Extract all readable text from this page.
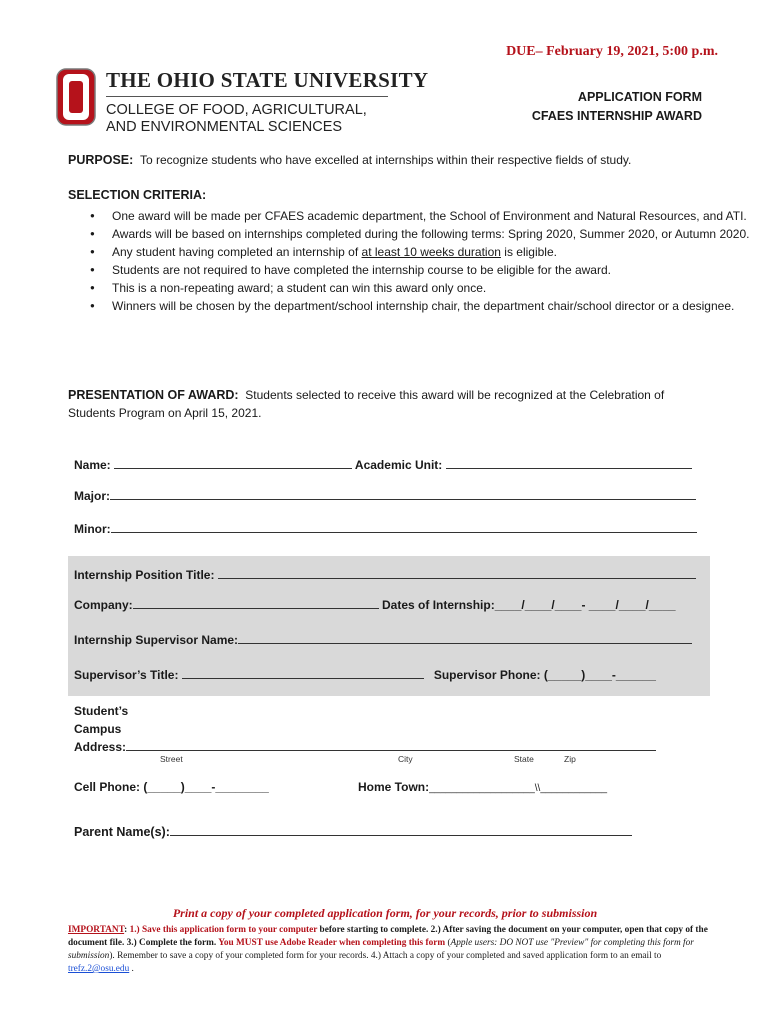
DUE– February 19, 2021, 5:00 p.m.
THE OHIO STATE UNIVERSITY
COLLEGE OF FOOD, AGRICULTURAL,
AND ENVIRONMENTAL SCIENCES
APPLICATION FORM
CFAES INTERNSHIP AWARD
PURPOSE: To recognize students who have excelled at internships within their respective fields of study.
SELECTION CRITERIA:
● One award will be made per CFAES academic department, the School of Environment and Natural Resources, and ATI.
● Awards will be based on internships completed during the following terms: Spring 2020, Summer 2020, or Autumn 2020.
● Any student having completed an internship of at least 10 weeks duration is eligible.
● Students are not required to have completed the internship course to be eligible for the award.
● This is a non-repeating award; a student can win this award only once.
● Winners will be chosen by the department/school internship chair, the department chair/school director or a designee.
PRESENTATION OF AWARD: Students selected to receive this award will be recognized at the Celebration of Students Program on April 15, 2021.
Name:	Academic Unit:
Major:
Minor:
Internship Position Title:
Company:	Dates of Internship:____/____/____- ____/____/____
Internship Supervisor Name:
Supervisor’s Title:	Supervisor Phone: (_____)____-______
Student’s
Campus
Address:
Street	City	State	Zip
Cell Phone: (_____)____-________	Home Town:___________________\\____________
Parent Name(s):
Print a copy of your completed application form, for your records, prior to submission
IMPORTANT: 1.) Save this application form to your computer before starting to complete. 2.) After saving the document on your computer, open that copy of the document file. 3.) Complete the form. You MUST use Adobe Reader when completing this form (Apple users: DO NOT use "Preview" for completing this form for submission). Remember to save a copy of your completed form for your records. 4.) Attach a copy of your completed and saved application form to an email to trefz.2@osu.edu .
